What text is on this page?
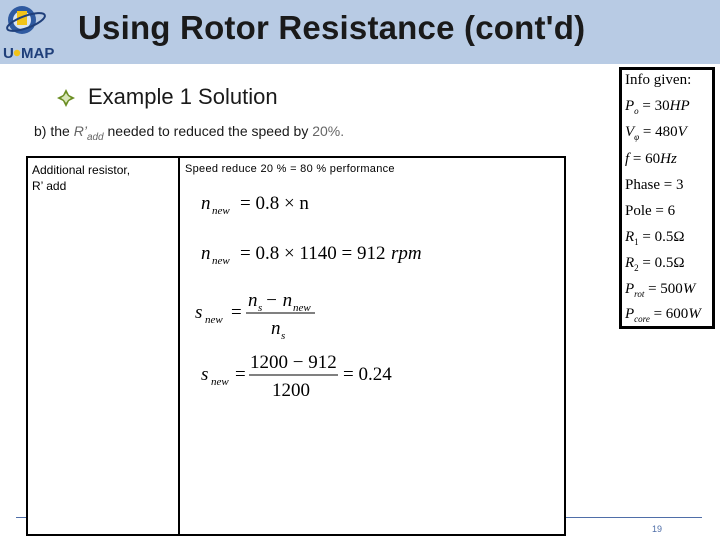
U MAP
Using Rotor Resistance (cont'd)
Example 1 Solution
b) the $R’_{add}$ needed to reduced the speed by 20%.
Additional resistor,
R’ add
Speed reduce 20 % = 80 % performance
n new = 0.8 × n
n new = 0.8 × 1140 = 912 rpm
s new =
n s − n new
n s
s new =
1200 − 912
1200
= 0.24
Info given:
$P_o = 30HP$
$V_\varphi = 480V$
f = 60Hz
Phase = 3
Pole = 6
$R_1 = 0.5\Omega$
$R_2 = 0.5\Omega$
$P_{rot} = 500W$
$P_{core} = 600W$
19
